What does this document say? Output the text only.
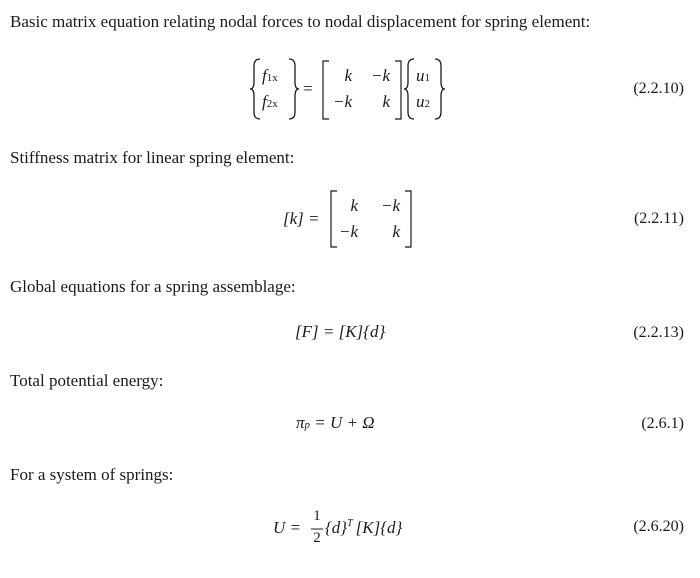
Basic matrix equation relating nodal forces to nodal displacement for spring element:
Stiffness matrix for linear spring element:
Global equations for a spring assemblage:
Total potential energy:
For a system of springs:
(2.2.10)
(2.2.11)
(2.2.13)
(2.6.1)
(2.6.20)
f1x
f2x
=
k	−k
−k	k
u1
u2
[k] =
k	−k
−k	k
[F] = [K]{d}
πp = U + Ω
U =
1
2
$\{d\}^T$ [K]{d}
